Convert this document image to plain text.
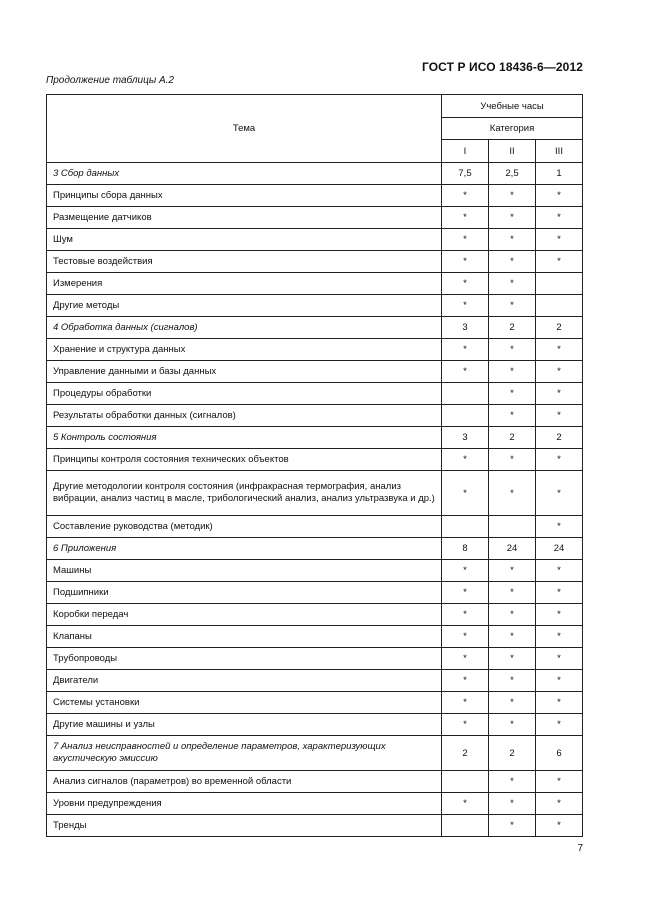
ГОСТ Р ИСО 18436-6—2012
Продолжение таблицы А.2
Тема	Учебные часы		
	Категория		
	I	II	III
3 Сбор данных	7,5	2,5	1
Принципы сбора данных	*	*	*
Размещение датчиков	*	*	*
Шум	*	*	*
Тестовые воздействия	*	*	*
Измерения	*	*	
Другие методы	*	*	
4 Обработка данных (сигналов)	3	2	2
Хранение и структура данных	*	*	*
Управление данными и базы данных	*	*	*
Процедуры обработки		*	*
Результаты обработки данных (сигналов)		*	*
5 Контроль состояния	3	2	2
Принципы контроля состояния технических объектов	*	*	*
Другие методологии контроля состояния (инфракрасная термография, анализ вибрации, анализ частиц в масле, трибологический анализ, анализ ультразвука и др.)	*	*	*
Составление руководства (методик)			*
6 Приложения	8	24	24
Машины	*	*	*
Подшипники	*	*	*
Коробки передач	*	*	*
Клапаны	*	*	*
Трубопроводы	*	*	*
Двигатели	*	*	*
Системы установки	*	*	*
Другие машины и узлы	*	*	*
7 Анализ неисправностей и определение параметров, характеризующих акустическую эмиссию	2	2	6
Анализ сигналов (параметров) во временной области		*	*
Уровни предупреждения	*	*	*
Тренды		*	*
7
